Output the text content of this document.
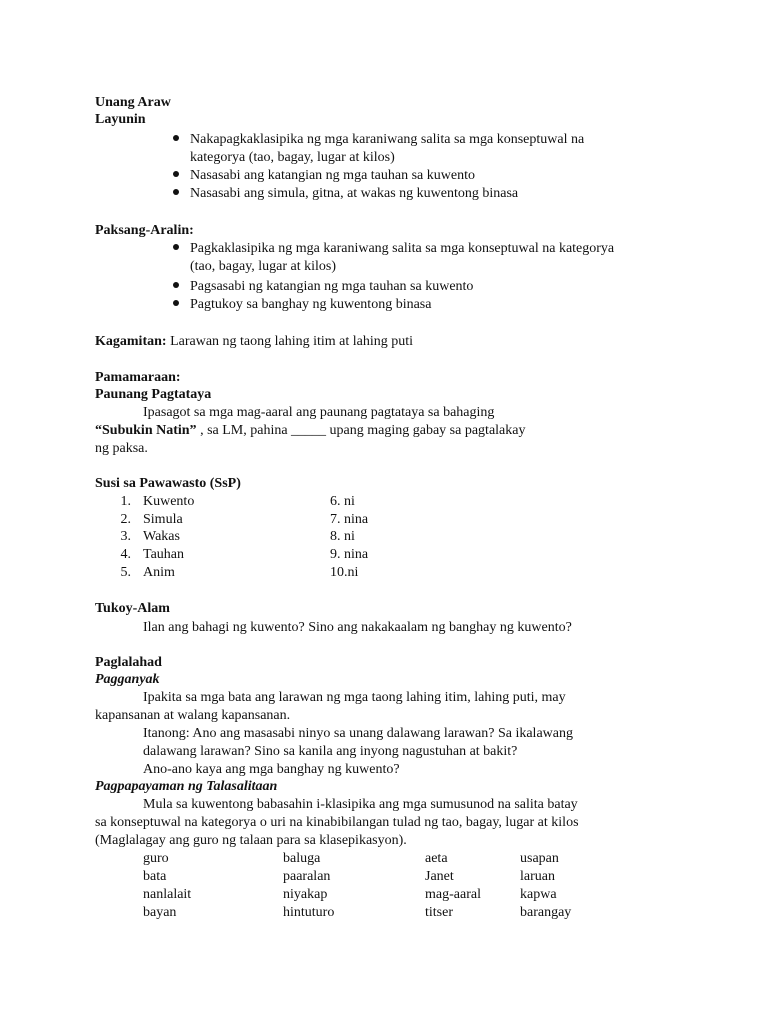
Unang Araw
Layunin
Nakapagkaklasipika ng mga karaniwang salita sa mga konseptuwal na
kategorya (tao, bagay, lugar at kilos)
Nasasabi ang katangian ng mga tauhan sa kuwento
Nasasabi ang simula, gitna, at wakas ng kuwentong binasa
Paksang-Aralin:
Pagkaklasipika ng mga karaniwang salita sa mga konseptuwal na kategorya
(tao, bagay, lugar at kilos)
Pagsasabi ng katangian ng mga tauhan sa kuwento
Pagtukoy sa banghay ng kuwentong binasa
Kagamitan: Larawan ng taong lahing itim at lahing puti
Pamamaraan:
Paunang Pagtataya
Ipasagot sa mga mag-aaral ang paunang pagtataya sa bahaging
“Subukin Natin” , sa LM, pahina _____ upang maging gabay sa pagtalakay
ng paksa.
Susi sa Pawawasto (SsP)
1. Kuwento	6. ni
2. Simula	7. nina
3. Wakas	8. ni
4. Tauhan	9. nina
5. Anim	10.ni
Tukoy-Alam
Ilan ang bahagi ng kuwento? Sino ang nakakaalam ng banghay ng kuwento?
Paglalahad
Pagganyak
Ipakita sa mga bata ang larawan ng mga taong lahing itim, lahing puti, may
kapansanan at walang kapansanan.
Itanong: Ano ang masasabi ninyo sa unang dalawang larawan? Sa ikalawang
dalawang larawan? Sino sa kanila ang inyong nagustuhan at bakit?
Ano-ano kaya ang mga banghay ng kuwento?
Pagpapayaman ng Talasalitaan
Mula sa kuwentong babasahin i-klasipika ang mga sumusunod na salita batay
sa konseptuwal na kategorya o uri na kinabibilangan tulad ng tao, bagay, lugar at kilos
(Maglalagay ang guro ng talaan para sa klasepikasyon).
guro	baluga	aeta	usapan
bata	paaralan	Janet	laruan
nanlalait	niyakap	mag-aaral	kapwa
bayan	hintuturo	titser	barangay
